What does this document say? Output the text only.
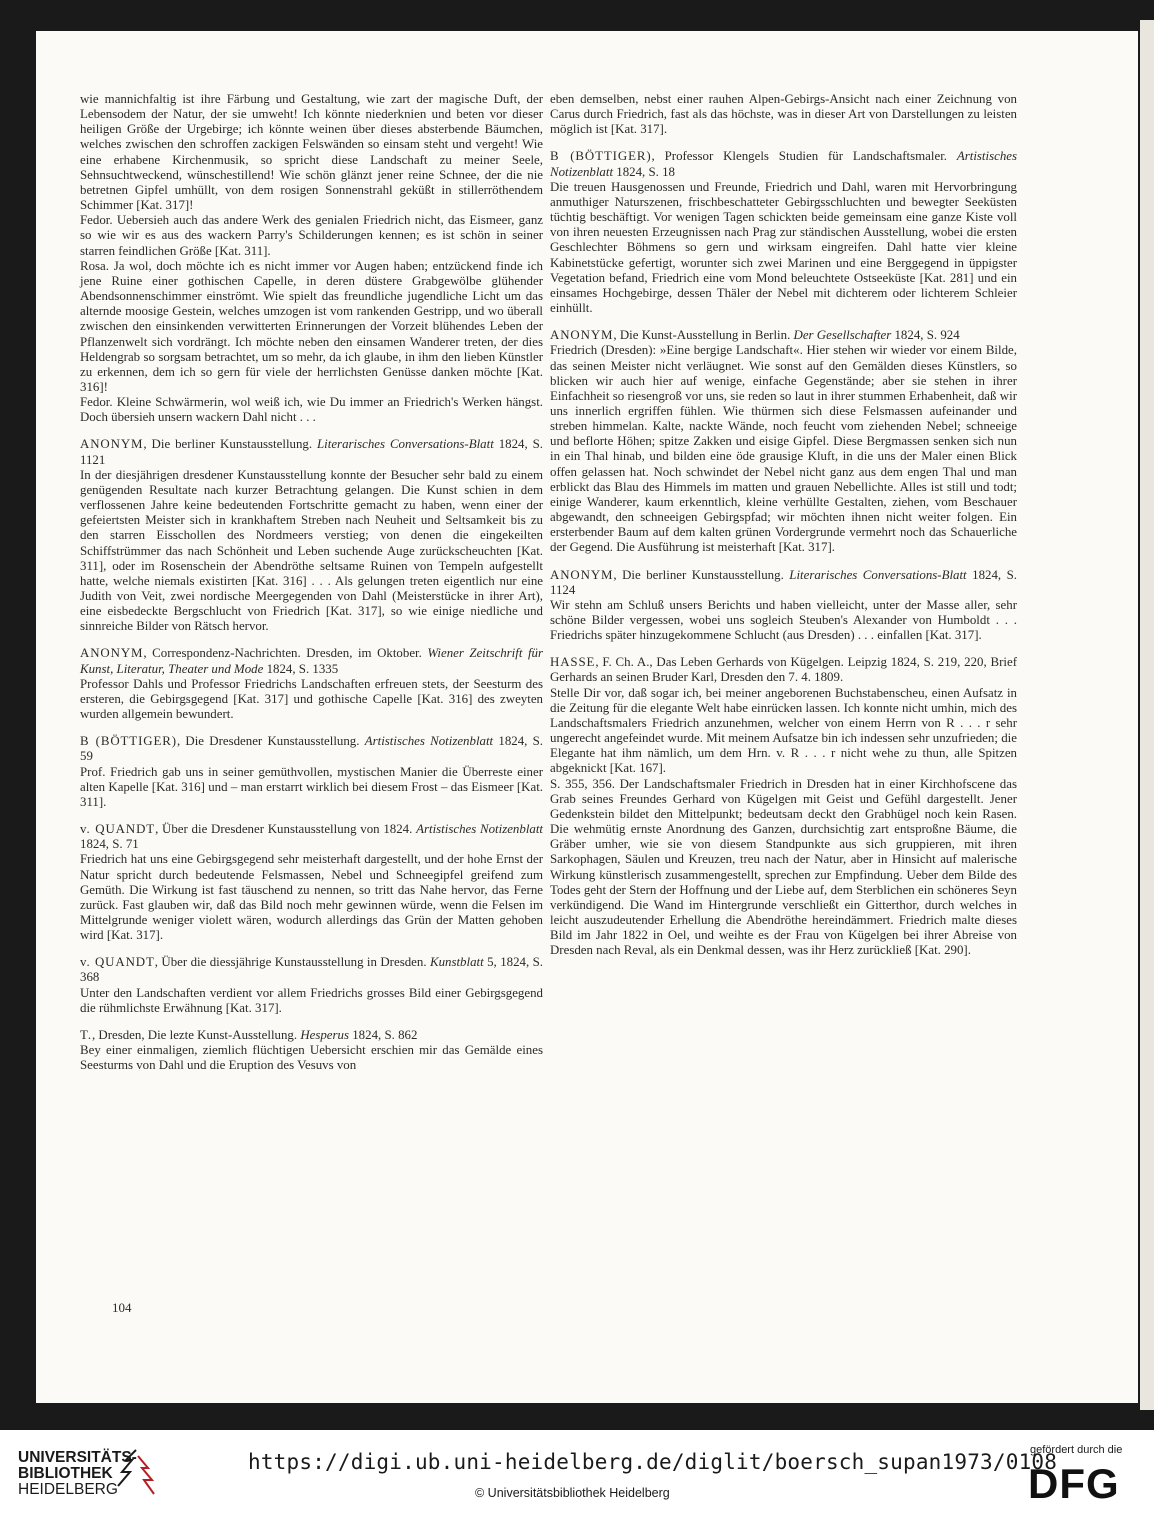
wie mannichfaltig ist ihre Färbung und Gestaltung, wie zart der magische Duft, der Lebensodem der Natur, der sie umweht! Ich könnte niederknien und beten vor dieser heiligen Größe der Urgebirge; ich könnte weinen über dieses absterbende Bäumchen, welches zwischen den schroffen zackigen Felswänden so einsam steht und vergeht! Wie eine erhabene Kirchenmusik, so spricht diese Landschaft zu meiner Seele, Sehnsuchtweckend, wünschestillend! Wie schön glänzt jener reine Schnee, der die nie betretnen Gipfel umhüllt, von dem rosigen Sonnenstrahl geküßt in stillerröthendem Schimmer [Kat. 317]!

Fedor. Uebersieh auch das andere Werk des genialen Friedrich nicht, das Eismeer, ganz so wie wir es aus des wackern Parry's Schilderungen kennen; es ist schön in seiner starren feindlichen Größe [Kat. 311].

Rosa. Ja wol, doch möchte ich es nicht immer vor Augen haben; entzückend finde ich jene Ruine einer gothischen Capelle, in deren düstere Grabgewölbe glühender Abendsonnenschimmer einströmt. Wie spielt das freundliche jugendliche Licht um das alternde moosige Gestein, welches umzogen ist vom rankenden Gestripp, und wo überall zwischen den einsinkenden verwitterten Erinnerungen der Vorzeit blühendes Leben der Pflanzenwelt sich vordrängt. Ich möchte neben den einsamen Wanderer treten, der dies Heldengrab so sorgsam betrachtet, um so mehr, da ich glaube, in ihm den lieben Künstler zu erkennen, dem ich so gern für viele der herrlichsten Genüsse danken möchte [Kat. 316]!

Fedor. Kleine Schwärmerin, wol weiß ich, wie Du immer an Friedrich's Werken hängst. Doch übersieh unsern wackern Dahl nicht . . .

ANONYM, Die berliner Kunstausstellung. Literarisches Conversations-Blatt 1824, S. 1121

In der diesjährigen dresdener Kunstausstellung konnte der Besucher sehr bald zu einem genügenden Resultate nach kurzer Betrachtung gelangen. Die Kunst schien in dem verflossenen Jahre keine bedeutenden Fortschritte gemacht zu haben, wenn einer der gefeiertsten Meister sich in krankhaftem Streben nach Neuheit und Seltsamkeit bis zu den starren Eisschollen des Nordmeers verstieg; von denen die eingekeilten Schiffstrümmer das nach Schönheit und Leben suchende Auge zurückscheuchten [Kat. 311], oder im Rosenschein der Abendröthe seltsame Ruinen von Tempeln aufgestellt hatte, welche niemals existirten [Kat. 316] . . . Als gelungen treten eigentlich nur eine Judith von Veit, zwei nordische Meergegenden von Dahl (Meisterstücke in ihrer Art), eine eisbedeckte Bergschlucht von Friedrich [Kat. 317], so wie einige niedliche und sinnreiche Bilder von Rätsch hervor.

ANONYM, Correspondenz-Nachrichten. Dresden, im Oktober. Wiener Zeitschrift für Kunst, Literatur, Theater und Mode 1824, S. 1335

Professor Dahls und Professor Friedrichs Landschaften erfreuen stets, der Seesturm des ersteren, die Gebirgsgegend [Kat. 317] und gothische Capelle [Kat. 316] des zweyten wurden allgemein bewundert.

B (BÖTTIGER), Die Dresdener Kunstausstellung. Artistisches Notizenblatt 1824, S. 59

Prof. Friedrich gab uns in seiner gemüthvollen, mystischen Manier die Überreste einer alten Kapelle [Kat. 316] und – man erstarrt wirklich bei diesem Frost – das Eismeer [Kat. 311].

v. QUANDT, Über die Dresdener Kunstausstellung von 1824. Artistisches Notizenblatt 1824, S. 71

Friedrich hat uns eine Gebirgsgegend sehr meisterhaft dargestellt, und der hohe Ernst der Natur spricht durch bedeutende Felsmassen, Nebel und Schneegipfel greifend zum Gemüth. Die Wirkung ist fast täuschend zu nennen, so tritt das Nahe hervor, das Ferne zurück. Fast glauben wir, daß das Bild noch mehr gewinnen würde, wenn die Felsen im Mittelgrunde weniger violett wären, wodurch allerdings das Grün der Matten gehoben wird [Kat. 317].

v. QUANDT, Über die diessjährige Kunstausstellung in Dresden. Kunstblatt 5, 1824, S. 368

Unter den Landschaften verdient vor allem Friedrichs grosses Bild einer Gebirgsgegend die rühmlichste Erwähnung [Kat. 317].

T., Dresden, Die lezte Kunst-Ausstellung. Hesperus 1824, S. 862

Bey einer einmaligen, ziemlich flüchtigen Uebersicht erschien mir das Gemälde eines Seesturms von Dahl und die Eruption des Vesuvs von

eben demselben, nebst einer rauhen Alpen-Gebirgs-Ansicht nach einer Zeichnung von Carus durch Friedrich, fast als das höchste, was in dieser Art von Darstellungen zu leisten möglich ist [Kat. 317].

B (BÖTTIGER), Professor Klengels Studien für Landschaftsmaler. Artistisches Notizenblatt 1824, S. 18

Die treuen Hausgenossen und Freunde, Friedrich und Dahl, waren mit Hervorbringung anmuthiger Naturszenen, frischbeschatteter Gebirgsschluchten und bewegter Seeküsten tüchtig beschäftigt. Vor wenigen Tagen schickten beide gemeinsam eine ganze Kiste voll von ihren neuesten Erzeugnissen nach Prag zur ständischen Ausstellung, wobei die ersten Geschlechter Böhmens so gern und wirksam eingreifen. Dahl hatte vier kleine Kabinetstücke gefertigt, worunter sich zwei Marinen und eine Berggegend in üppigster Vegetation befand, Friedrich eine vom Mond beleuchtete Ostseeküste [Kat. 281] und ein einsames Hochgebirge, dessen Thäler der Nebel mit dichterem oder lichterem Schleier einhüllt.

ANONYM, Die Kunst-Ausstellung in Berlin. Der Gesellschafter 1824, S. 924

Friedrich (Dresden): »Eine bergige Landschaft«. Hier stehen wir wieder vor einem Bilde, das seinen Meister nicht verläugnet. Wie sonst auf den Gemälden dieses Künstlers, so blicken wir auch hier auf wenige, einfache Gegenstände; aber sie stehen in ihrer Einfachheit so riesengroß vor uns, sie reden so laut in ihrer stummen Erhabenheit, daß wir uns innerlich ergriffen fühlen. Wie thürmen sich diese Felsmassen aufeinander und streben himmelan. Kalte, nackte Wände, noch feucht vom ziehenden Nebel; schneeige und beflorte Höhen; spitze Zakken und eisige Gipfel. Diese Bergmassen senken sich nun in ein Thal hinab, und bilden eine öde grausige Kluft, in die uns der Maler einen Blick offen gelassen hat. Noch schwindet der Nebel nicht ganz aus dem engen Thal und man erblickt das Blau des Himmels im matten und grauen Nebellichte. Alles ist still und todt; einige Wanderer, kaum erkenntlich, kleine verhüllte Gestalten, ziehen, vom Beschauer abgewandt, den schneeigen Gebirgspfad; wir möchten ihnen nicht weiter folgen. Ein ersterbender Baum auf dem kalten grünen Vordergrunde vermehrt noch das Schauerliche der Gegend. Die Ausführung ist meisterhaft [Kat. 317].

ANONYM, Die berliner Kunstausstellung. Literarisches Conversations-Blatt 1824, S. 1124

Wir stehn am Schluß unsers Berichts und haben vielleicht, unter der Masse aller, sehr schöne Bilder vergessen, wobei uns sogleich Steuben's Alexander von Humboldt . . . Friedrichs später hinzugekommene Schlucht (aus Dresden) . . . einfallen [Kat. 317].

HASSE, F. Ch. A., Das Leben Gerhards von Kügelgen. Leipzig 1824, S. 219, 220, Brief Gerhards an seinen Bruder Karl, Dresden den 7. 4. 1809.

Stelle Dir vor, daß sogar ich, bei meiner angeborenen Buchstabenscheu, einen Aufsatz in die Zeitung für die elegante Welt habe einrücken lassen. Ich konnte nicht umhin, mich des Landschaftsmalers Friedrich anzunehmen, welcher von einem Herrn von R . . . r sehr ungerecht angefeindet wurde. Mit meinem Aufsatze bin ich indessen sehr unzufrieden; die Elegante hat ihm nämlich, um dem Hrn. v. R . . . r nicht wehe zu thun, alle Spitzen abgeknickt [Kat. 167].

S. 355, 356. Der Landschaftsmaler Friedrich in Dresden hat in einer Kirchhofscene das Grab seines Freundes Gerhard von Kügelgen mit Geist und Gefühl dargestellt. Jener Gedenkstein bildet den Mittelpunkt; bedeutsam deckt den Grabhügel noch kein Rasen. Die wehmütig ernste Anordnung des Ganzen, durchsichtig zart entsproßne Bäume, die Gräber umher, wie sie von diesem Standpunkte aus sich gruppieren, mit ihren Sarkophagen, Säulen und Kreuzen, treu nach der Natur, aber in Hinsicht auf malerische Wirkung künstlerisch zusammengestellt, sprechen zur Empfindung. Ueber dem Bilde des Todes geht der Stern der Hoffnung und der Liebe auf, dem Sterblichen ein schöneres Seyn verkündigend. Die Wand im Hintergrunde verschließt ein Gitterthor, durch welches in leicht auszudeutender Erhellung die Abendröthe hereindämmert. Friedrich malte dieses Bild im Jahr 1822 in Oel, und weihte es der Frau von Kügelgen bei ihrer Abreise von Dresden nach Reval, als ein Denkmal dessen, was ihr Herz zurückließ [Kat. 290].

104
UNIVERSITÄTS-
BIBLIOTHEK
HEIDELBERG
https://digi.ub.uni-heidelberg.de/diglit/boersch_supan1973/0108
© Universitätsbibliothek Heidelberg
gefördert durch die
DFG
